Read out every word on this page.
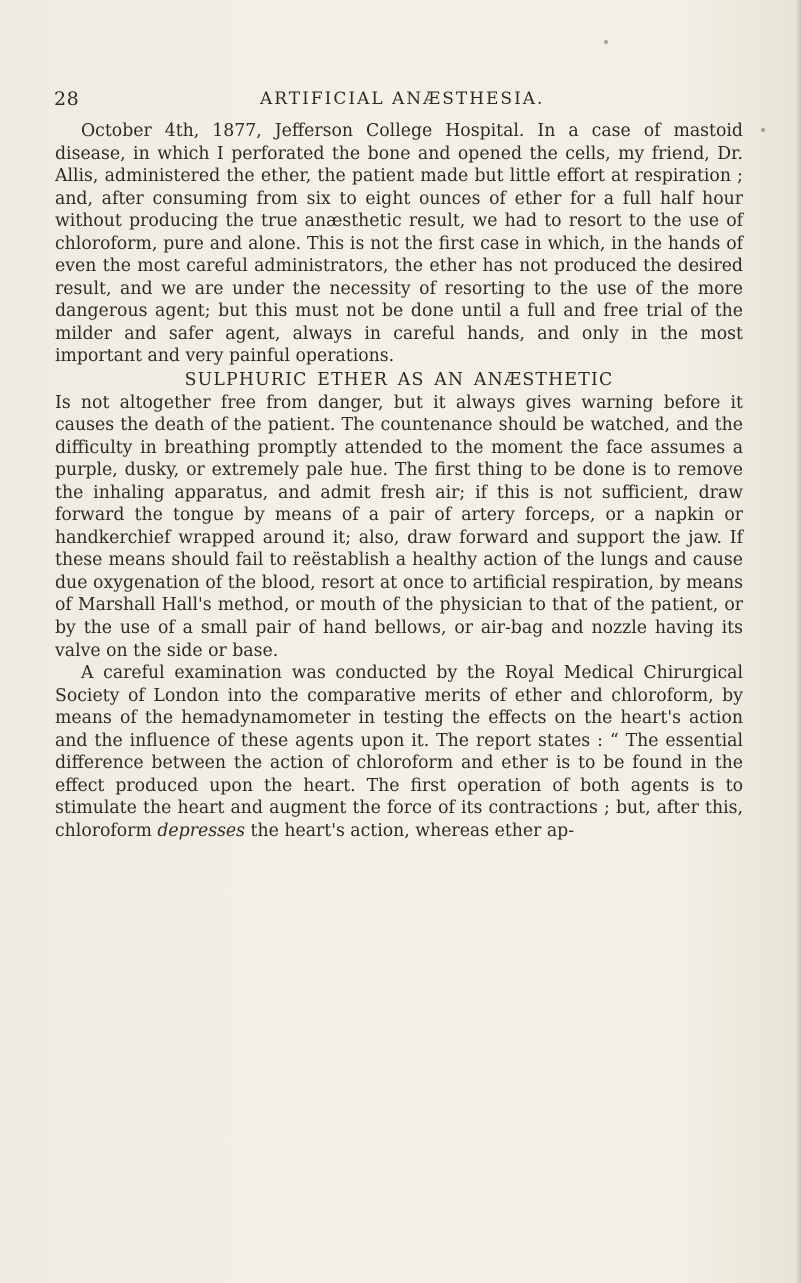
28	ARTIFICIAL ANÆSTHESIA.

October 4th, 1877, Jefferson College Hospital. In a case of mastoid disease, in which I perforated the bone and opened the cells, my friend, Dr. Allis, administered the ether, the patient made but little effort at respiration ; and, after consuming from six to eight ounces of ether for a full half hour without producing the true anæsthetic result, we had to resort to the use of chloroform, pure and alone. This is not the first case in which, in the hands of even the most careful administrators, the ether has not produced the desired result, and we are under the necessity of resorting to the use of the more dangerous agent; but this must not be done until a full and free trial of the milder and safer agent, always in careful hands, and only in the most important and very painful operations.

SULPHURIC ETHER AS AN ANÆSTHETIC

Is not altogether free from danger, but it always gives warning before it causes the death of the patient. The countenance should be watched, and the difficulty in breathing promptly attended to the moment the face assumes a purple, dusky, or extremely pale hue. The first thing to be done is to remove the inhaling apparatus, and admit fresh air; if this is not sufficient, draw forward the tongue by means of a pair of artery forceps, or a napkin or handkerchief wrapped around it; also, draw forward and support the jaw. If these means should fail to reëstablish a healthy action of the lungs and cause due oxygenation of the blood, resort at once to artificial respiration, by means of Marshall Hall's method, or mouth of the physician to that of the patient, or by the use of a small pair of hand bellows, or air-bag and nozzle having its valve on the side or base.

A careful examination was conducted by the Royal Medical Chirurgical Society of London into the comparative merits of ether and chloroform, by means of the hemadynamometer in testing the effects on the heart's action and the influence of these agents upon it. The report states : “ The essential difference between the action of chloroform and ether is to be found in the effect produced upon the heart. The first operation of both agents is to stimulate the heart and augment the force of its contractions ; but, after this, chloroform depresses the heart's action, whereas ether ap-
